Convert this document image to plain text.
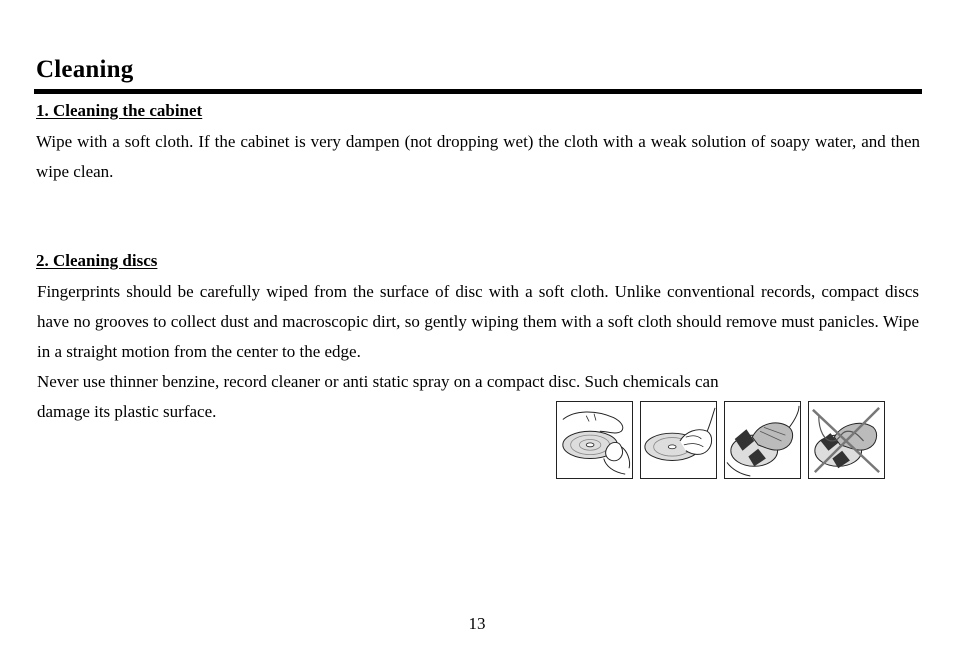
Cleaning
1. Cleaning the cabinet

Wipe with a soft cloth. If the cabinet is very dampen (not dropping wet) the cloth with a weak solution of soapy water, and then wipe clean.

2. Cleaning discs

Fingerprints should be carefully wiped from the surface of disc with a soft cloth. Unlike conventional records, compact discs have no grooves to collect dust and macroscopic dirt, so gently wiping them with a soft cloth should remove must panicles. Wipe in a straight motion from the center to the edge.

Never use thinner benzine, record cleaner or anti static spray on a compact disc. Such chemicals can
damage its plastic surface.
13
